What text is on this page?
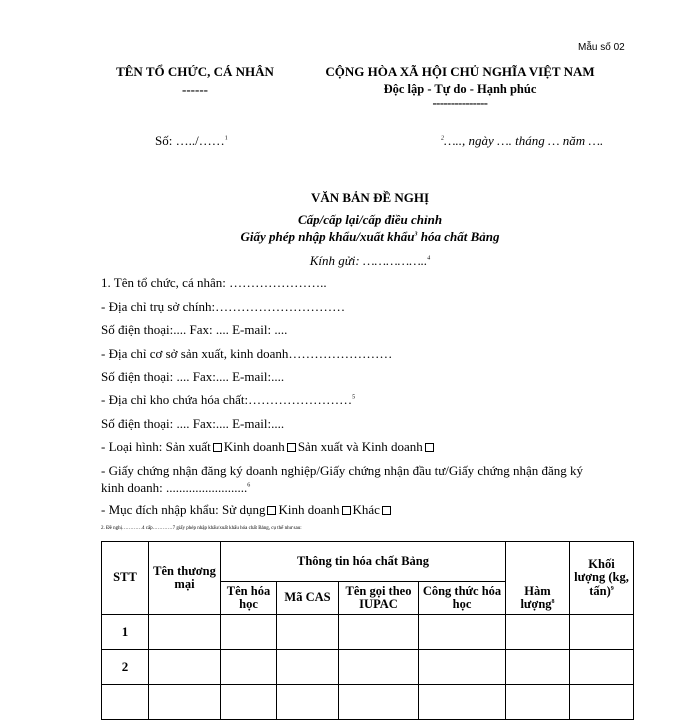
Mẫu số 02
TÊN TỔ CHỨC, CÁ NHÂN
------
CỘNG HÒA XÃ HỘI CHỦ NGHĨA VIỆT NAM
Độc lập - Tự do - Hạnh phúc
---------------
Số: …../……$^1$	$^2$….., ngày …. tháng … năm ….
VĂN BẢN ĐỀ NGHỊ
Cấp/cấp lại/cấp điều chỉnh
Giấy phép nhập khẩu/xuất khẩu$^3$ hóa chất Bảng
Kính gửi: ……………..$^4$
1. Tên tổ chức, cá nhân: …………………..
- Địa chỉ trụ sở chính:…………………………
Số điện thoại:.... Fax: .... E-mail: ....
- Địa chỉ cơ sở sản xuất, kinh doanh……………………
Số điện thoại: .... Fax:.... E-mail:....
- Địa chỉ kho chứa hóa chất:……………………$^5$
Số điện thoại: .... Fax:.... E-mail:....
- Loại hình: Sản xuất Kinh doanh Sản xuất và Kinh doanh
- Giấy chứng nhận đăng ký doanh nghiệp/Giấy chứng nhận đầu tư/Giấy chứng nhận đăng ký
kinh doanh: .........................$^6$
- Mục đích nhập khẩu: Sử dụng Kinh doanh Khác
2. Đề nghị…………4 cấp…………7 giấy phép nhập khẩu/xuất khẩu hóa chất Bảng, cụ thể như sau:
STT	Tên thương mại	Thông tin hóa chất Bảng					Khối lượng (kg, tấn)$^9$
		Tên hóa học	Mã CAS	Tên gọi theo IUPAC	Công thức hóa học	Hàm lượng$^8$
1							
2							
